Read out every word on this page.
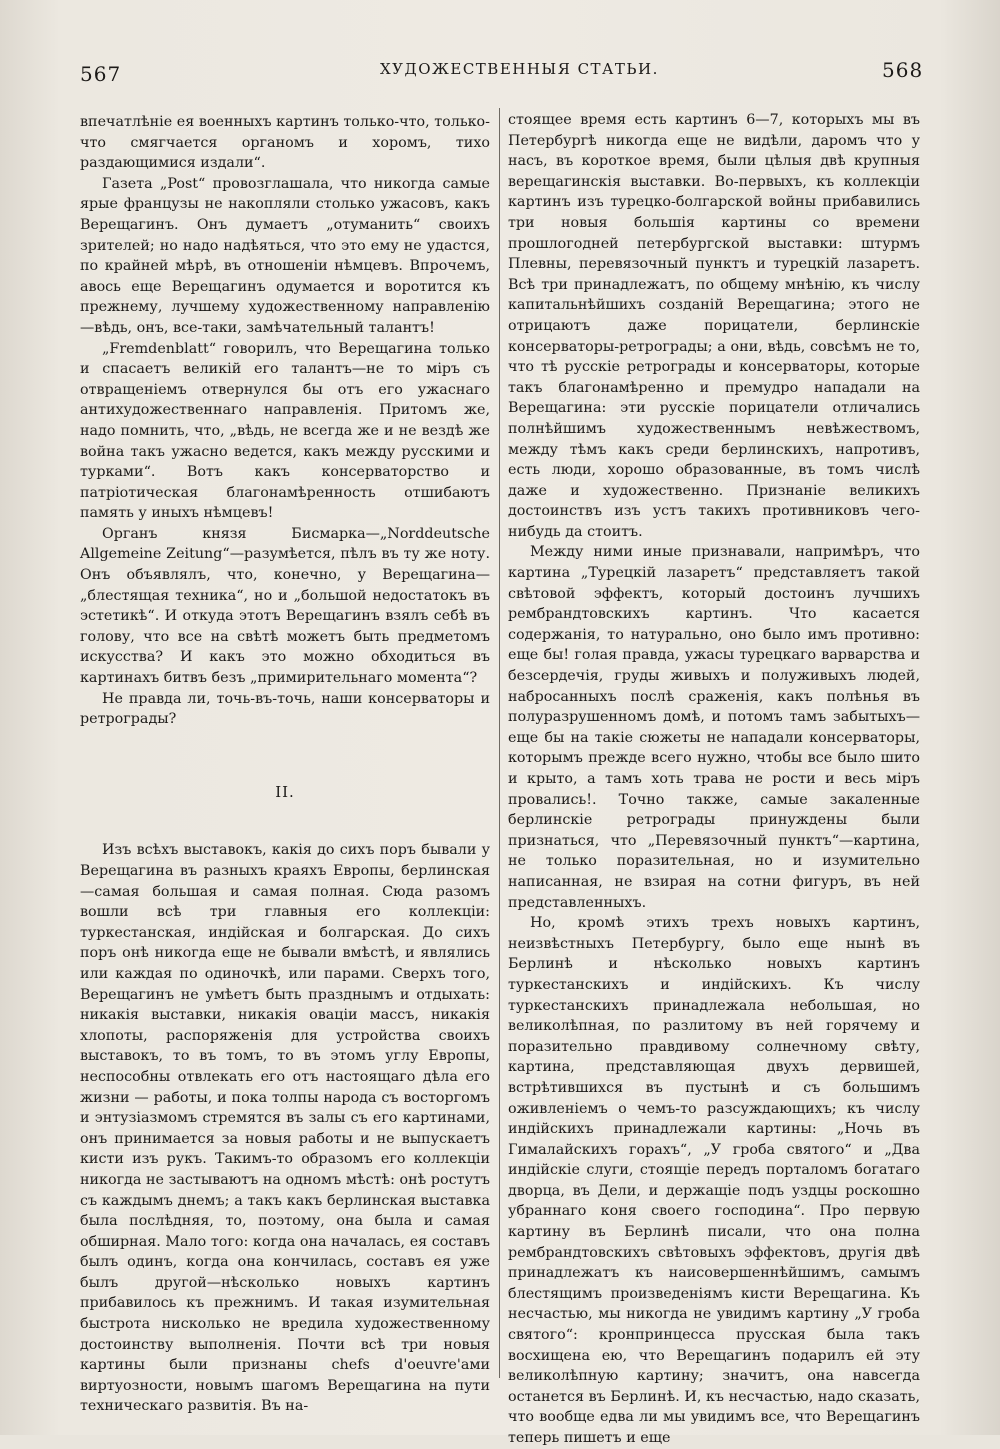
567	ХУДОЖЕСТВЕННЫЯ СТАТЬИ.	568

впечатлѣніе ея военныхъ картинъ только-что, только-что смягчается органомъ и хоромъ, тихо раздающимися издали“.

Газета „Post“ провозглашала, что никогда самые ярые французы не накопляли столько ужасовъ, какъ Верещагинъ. Онъ думаетъ „отуманить“ своихъ зрителей; но надо надѣяться, что это ему не удастся, по крайней мѣрѣ, въ отношеніи нѣмцевъ. Впрочемъ, авось еще Верещагинъ одумается и воротится къ прежнему, лучшему художественному направленію—вѣдь, онъ, все-таки, замѣчательный талантъ!

„Fremdenblatt“ говорилъ, что Верещагина только и спасаетъ великій его талантъ—не то міръ съ отвращеніемъ отвернулся бы отъ его ужаснаго антихудожественнаго направленія. Притомъ же, надо помнить, что, „вѣдь, не всегда же и не вездѣ же война такъ ужасно ведется, какъ между русскими и турками“. Вотъ какъ консерваторство и патріотическая благонамѣренность отшибаютъ память у иныхъ нѣмцевъ!

Органъ князя Бисмарка—„Norddeutsche Allgemeine Zeitung“—разумѣется, пѣлъ въ ту же ноту. Онъ объявлялъ, что, конечно, у Верещагина—„блестящая техника“, но и „большой недостатокъ въ эстетикѣ“. И откуда этотъ Верещагинъ взялъ себѣ въ голову, что все на свѣтѣ можетъ быть предметомъ искусства? И какъ это можно обходиться въ картинахъ битвъ безъ „примирительнаго момента“?

Не правда ли, точь-въ-точь, наши консерваторы и ретрограды?

II.

Изъ всѣхъ выставокъ, какія до сихъ поръ бывали у Верещагина въ разныхъ краяхъ Европы, берлинская—самая большая и самая полная. Сюда разомъ вошли всѣ три главныя его коллекціи: туркестанская, индійская и болгарская. До сихъ поръ онѣ никогда еще не бывали вмѣстѣ, и являлись или каждая по одиночкѣ, или парами. Сверхъ того, Верещагинъ не умѣетъ быть празднымъ и отдыхать: никакія выставки, никакія оваціи массъ, никакія хлопоты, распоряженія для устройства своихъ выставокъ, то въ томъ, то въ этомъ углу Европы, неспособны отвлекать его отъ настоящаго дѣла его жизни — работы, и пока толпы народа съ восторгомъ и энтузіазмомъ стремятся въ залы съ его картинами, онъ принимается за новыя работы и не выпускаетъ кисти изъ рукъ. Такимъ-то образомъ его коллекціи никогда не застываютъ на одномъ мѣстѣ: онѣ ростутъ съ каждымъ днемъ; а такъ какъ берлинская выставка была послѣдняя, то, поэтому, она была и самая обширная. Мало того: когда она началась, ея составъ былъ одинъ, когда она кончилась, составъ ея уже былъ другой—нѣсколько новыхъ картинъ прибавилось къ прежнимъ. И такая изумительная быстрота нисколько не вредила художественному достоинству выполненія. Почти всѣ три новыя картины были признаны chefs d'oeuvre'ами виртуозности, новымъ шагомъ Верещагина на пути техническаго развитія. Въ на-

стоящее время есть картинъ 6—7, которыхъ мы въ Петербургѣ никогда еще не видѣли, даромъ что у насъ, въ короткое время, были цѣлыя двѣ крупныя верещагинскія выставки. Во-первыхъ, къ коллекціи картинъ изъ турецко-болгарской войны прибавились три новыя большія картины со времени прошлогодней петербургской выставки: штурмъ Плевны, перевязочный пунктъ и турецкій лазаретъ. Всѣ три принадлежатъ, по общему мнѣнію, къ числу капитальнѣйшихъ созданій Верещагина; этого не отрицаютъ даже порицатели, берлинскіе консерваторы-ретрограды; а они, вѣдь, совсѣмъ не то, что тѣ русскіе ретрограды и консерваторы, которые такъ благонамѣренно и премудро нападали на Верещагина: эти русскіе порицатели отличались полнѣйшимъ художественнымъ невѣжествомъ, между тѣмъ какъ среди берлинскихъ, напротивъ, есть люди, хорошо образованные, въ томъ числѣ даже и художественно. Признаніе великихъ достоинствъ изъ устъ такихъ противниковъ чего-нибудь да стоитъ.

Между ними иные признавали, напримѣръ, что картина „Турецкій лазаретъ“ представляетъ такой свѣтовой эффектъ, который достоинъ лучшихъ рембрандтовскихъ картинъ. Что касается содержанія, то натурально, оно было имъ противно: еще бы! голая правда, ужасы турецкаго варварства и безсердечія, груды живыхъ и полуживыхъ людей, набросанныхъ послѣ сраженія, какъ полѣнья въ полуразрушенномъ домѣ, и потомъ тамъ забытыхъ—еще бы на такіе сюжеты не нападали консерваторы, которымъ прежде всего нужно, чтобы все было шито и крыто, а тамъ хоть трава не рости и весь міръ провались!. Точно также, самые закаленные берлинскіе ретрограды принуждены были признаться, что „Перевязочный пунктъ“—картина, не только поразительная, но и изумительно написанная, не взирая на сотни фигуръ, въ ней представленныхъ.

Но, кромѣ этихъ трехъ новыхъ картинъ, неизвѣстныхъ Петербургу, было еще нынѣ въ Берлинѣ и нѣсколько новыхъ картинъ туркестанскихъ и индійскихъ. Къ числу туркестанскихъ принадлежала небольшая, но великолѣпная, по разлитому въ ней горячему и поразительно правдивому солнечному свѣту, картина, представляющая двухъ дервишей, встрѣтившихся въ пустынѣ и съ большимъ оживленіемъ о чемъ-то разсуждающихъ; къ числу индійскихъ принадлежали картины: „Ночь въ Гималайскихъ горахъ“, „У гроба святого“ и „Два индійскіе слуги, стоящіе передъ порталомъ богатаго дворца, въ Дели, и держащіе подъ уздцы роскошно убраннаго коня своего господина“. Про первую картину въ Берлинѣ писали, что она полна рембрандтовскихъ свѣтовыхъ эффектовъ, другія двѣ принадлежатъ къ наисовершеннѣйшимъ, самымъ блестящимъ произведеніямъ кисти Верещагина. Къ несчастью, мы никогда не увидимъ картину „У гроба святого“: кронпринцесса прусская была такъ восхищена ею, что Верещагинъ подарилъ ей эту великолѣпную картину; значитъ, она навсегда останется въ Берлинѣ. И, къ несчастью, надо сказать, что вообще едва ли мы увидимъ все, что Верещагинъ теперь пишетъ и еще
